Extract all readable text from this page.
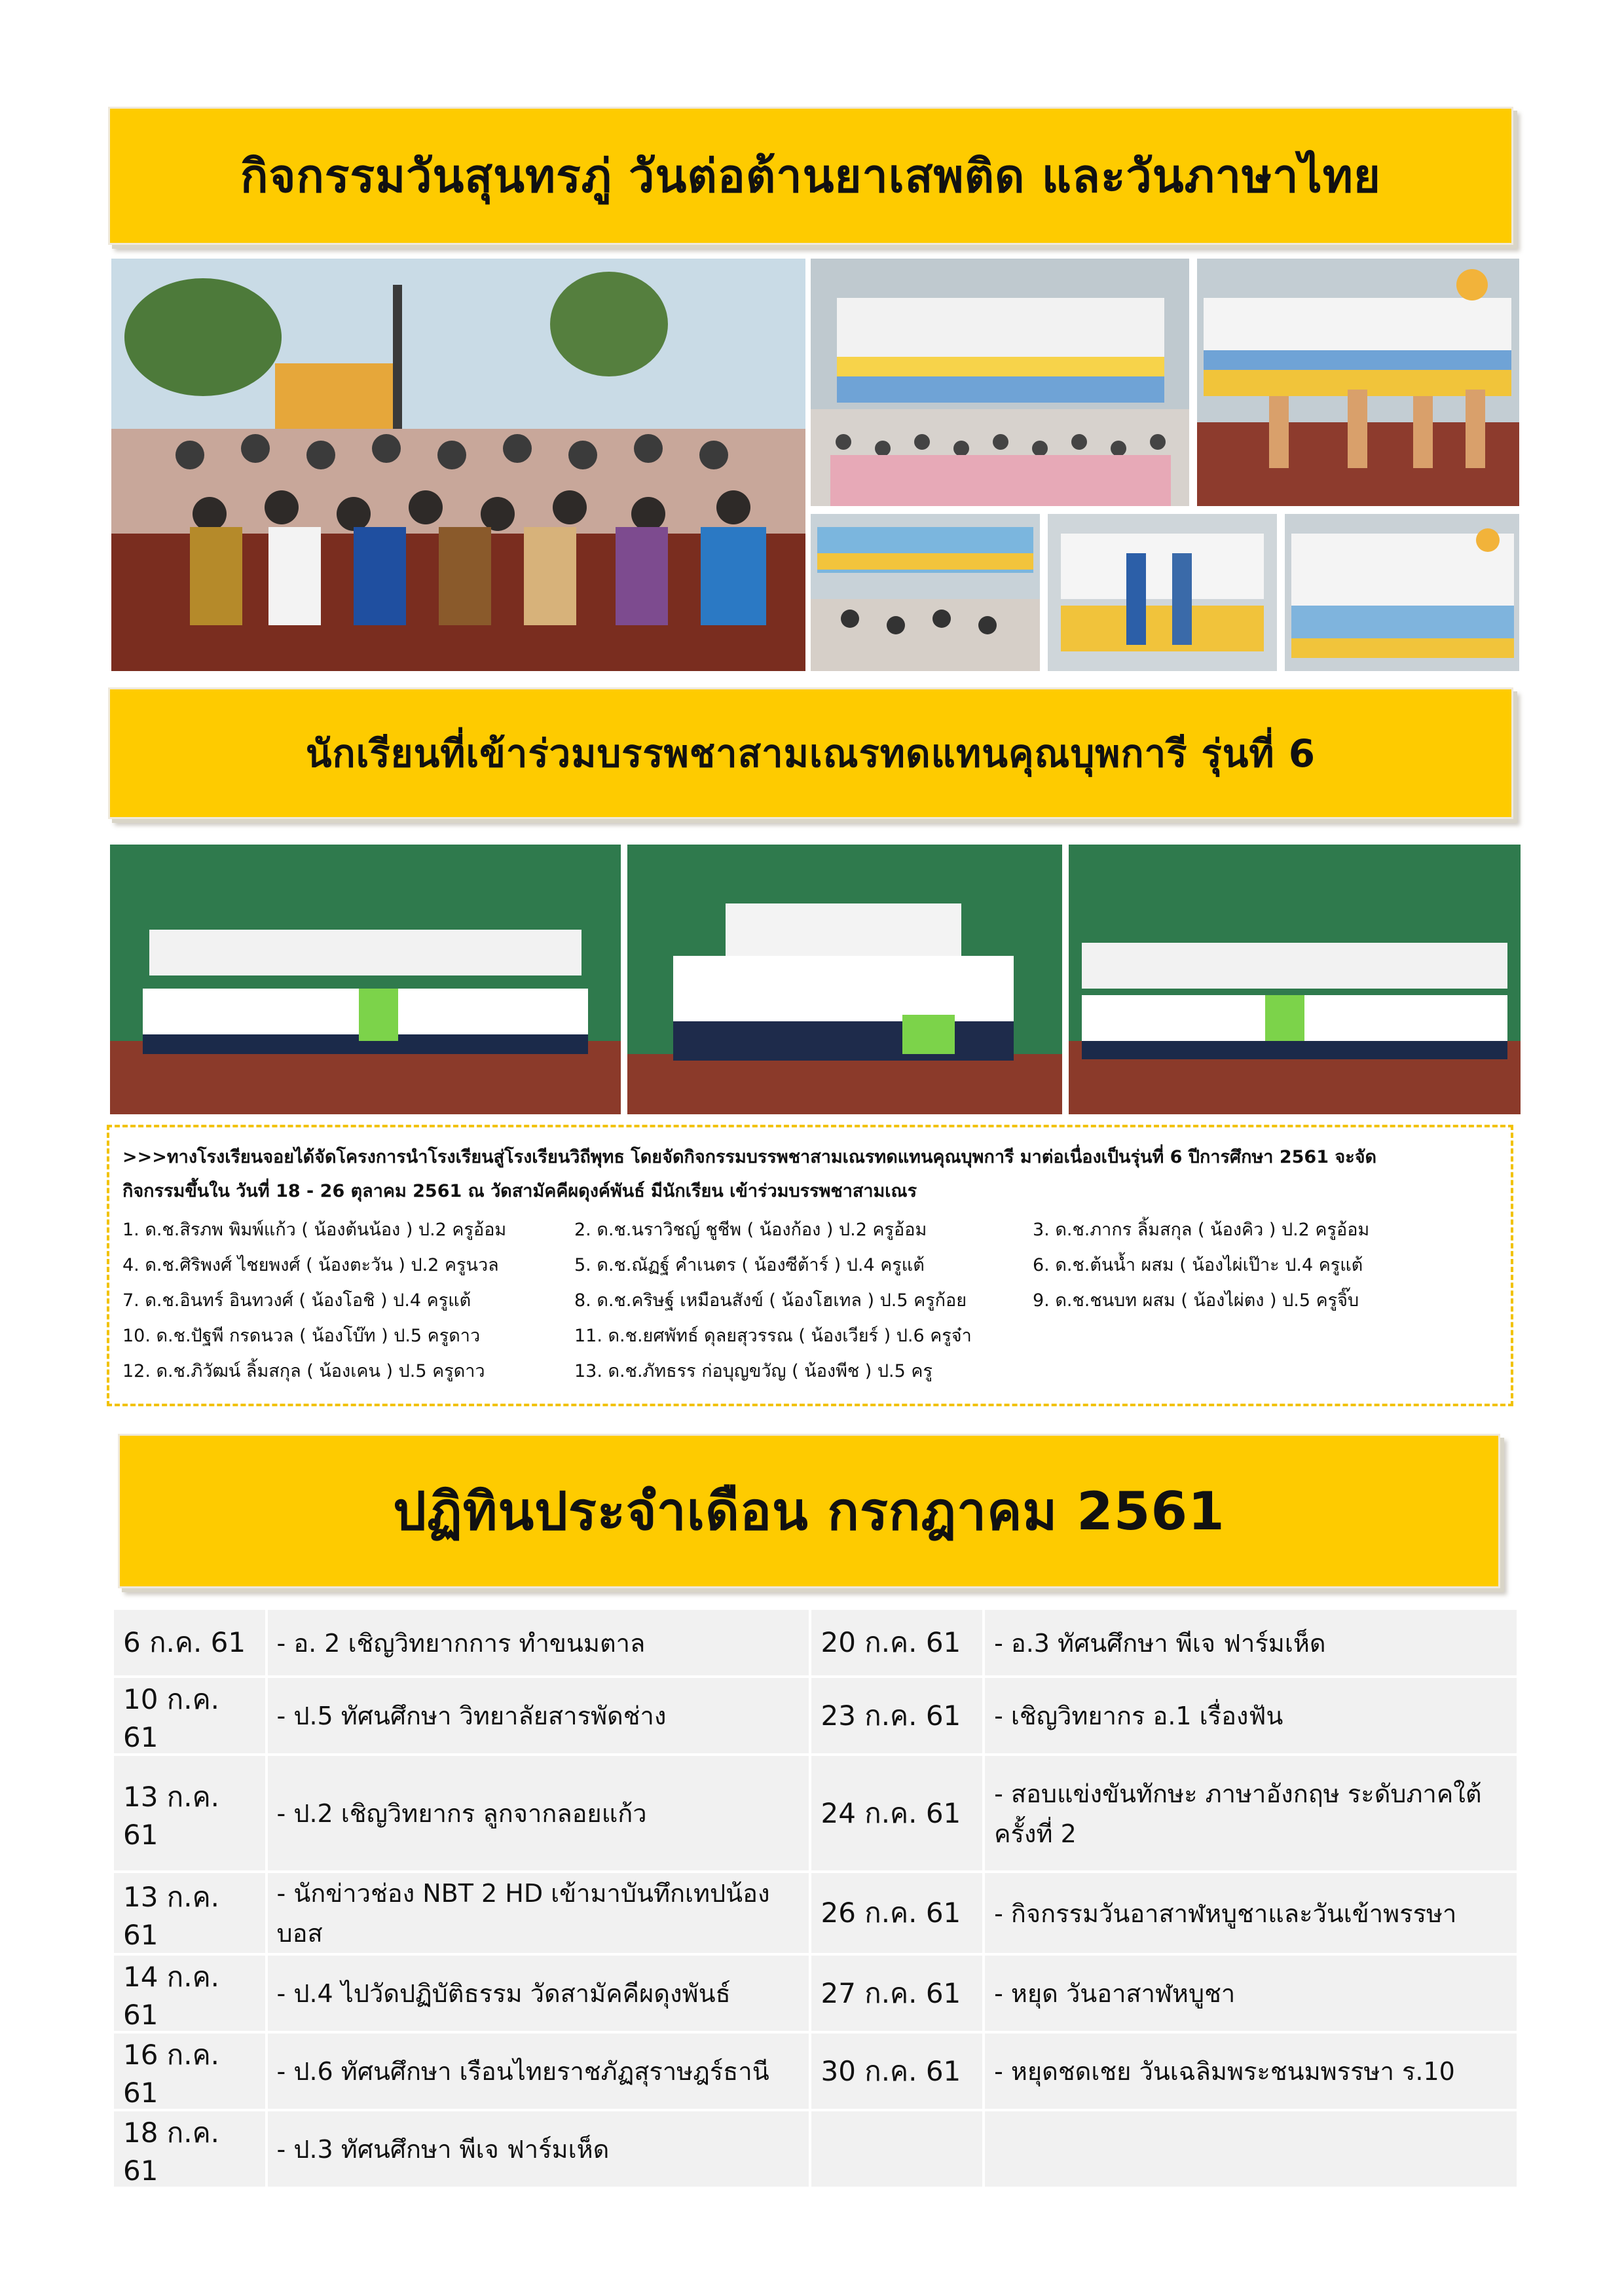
กิจกรรมวันสุนทรภู่ วันต่อต้านยาเสพติด และวันภาษาไทย
นักเรียนที่เข้าร่วมบรรพชาสามเณรทดแทนคุณบุพการี รุ่นที่ 6
>>>ทางโรงเรียนจอยได้จัดโครงการนำโรงเรียนสู่โรงเรียนวิถีพุทธ โดยจัดกิจกรรมบรรพชาสามเณรทดแทนคุณบุพการี มาต่อเนื่องเป็นรุ่นที่ 6 ปีการศึกษา 2561 จะจัด
กิจกรรมขึ้นใน วันที่ 18 - 26 ตุลาคม 2561 ณ วัดสามัคคีผดุงค์พันธ์ มีนักเรียน เข้าร่วมบรรพชาสามเณร
1. ด.ช.สิรภพ พิมพ์แก้ว ( น้องต้นน้อง ) ป.2 ครูอ้อม	2. ด.ช.นราวิชญ์ ชูชีพ ( น้องก้อง ) ป.2 ครูอ้อม	3. ด.ช.ภากร ลิ้มสกุล ( น้องคิว ) ป.2 ครูอ้อม
4. ด.ช.ศิริพงศ์ ไชยพงศ์ ( น้องตะวัน ) ป.2 ครูนวล	5. ด.ช.ณัฏฐ์ คำเนตร ( น้องซีต้าร์ ) ป.4 ครูแต้	6. ด.ช.ต้นน้ำ ผสม ( น้องไผ่เป๊าะ ป.4 ครูแต้
7. ด.ช.อินทร์ อินทวงศ์ ( น้องโอชิ ) ป.4 ครูแต้	8. ด.ช.คริษฐ์ เหมือนสังข์ ( น้องโฮเทล ) ป.5 ครูก้อย	9. ด.ช.ชนบท ผสม ( น้องไผ่ตง ) ป.5 ครูจิ๊บ
10. ด.ช.ปัฐพี กรดนวล ( น้องโบ๊ท ) ป.5 ครูดาว	11. ด.ช.ยศพัทธ์ ดุลยสุวรรณ ( น้องเวียร์ ) ป.6 ครูจ๋า
12. ด.ช.ภิวัฒน์ ลิ้มสกุล ( น้องเคน ) ป.5 ครูดาว	13. ด.ช.ภัทธรร ก่อบุญขวัญ ( น้องพีช ) ป.5 ครู
ปฏิทินประจำเดือน กรกฎาคม 2561
6 ก.ค. 61	- อ. 2 เชิญวิทยากการ ทำขนมตาล	20 ก.ค. 61	- อ.3 ทัศนศึกษา พีเจ ฟาร์มเห็ด
10 ก.ค. 61	- ป.5 ทัศนศึกษา วิทยาลัยสารพัดช่าง	23 ก.ค. 61	- เชิญวิทยากร อ.1 เรื่องฟัน
13 ก.ค. 61	- ป.2 เชิญวิทยากร ลูกจากลอยแก้ว	24 ก.ค. 61	- สอบแข่งขันทักษะ ภาษาอังกฤษ ระดับภาคใต้ ครั้งที่ 2
13 ก.ค. 61	- นักข่าวช่อง NBT 2 HD เข้ามาบันทึกเทปน้องบอส	26 ก.ค. 61	- กิจกรรมวันอาสาฬหบูชาและวันเข้าพรรษา
14 ก.ค. 61	- ป.4 ไปวัดปฏิบัติธรรม วัดสามัคคีผดุงพันธ์	27 ก.ค. 61	- หยุด วันอาสาฬหบูชา
16 ก.ค. 61	- ป.6 ทัศนศึกษา เรือนไทยราชภัฏสุราษฎร์ธานี	30 ก.ค. 61	- หยุดชดเชย วันเฉลิมพระชนมพรรษา ร.10
18 ก.ค. 61	- ป.3 ทัศนศึกษา พีเจ ฟาร์มเห็ด		
